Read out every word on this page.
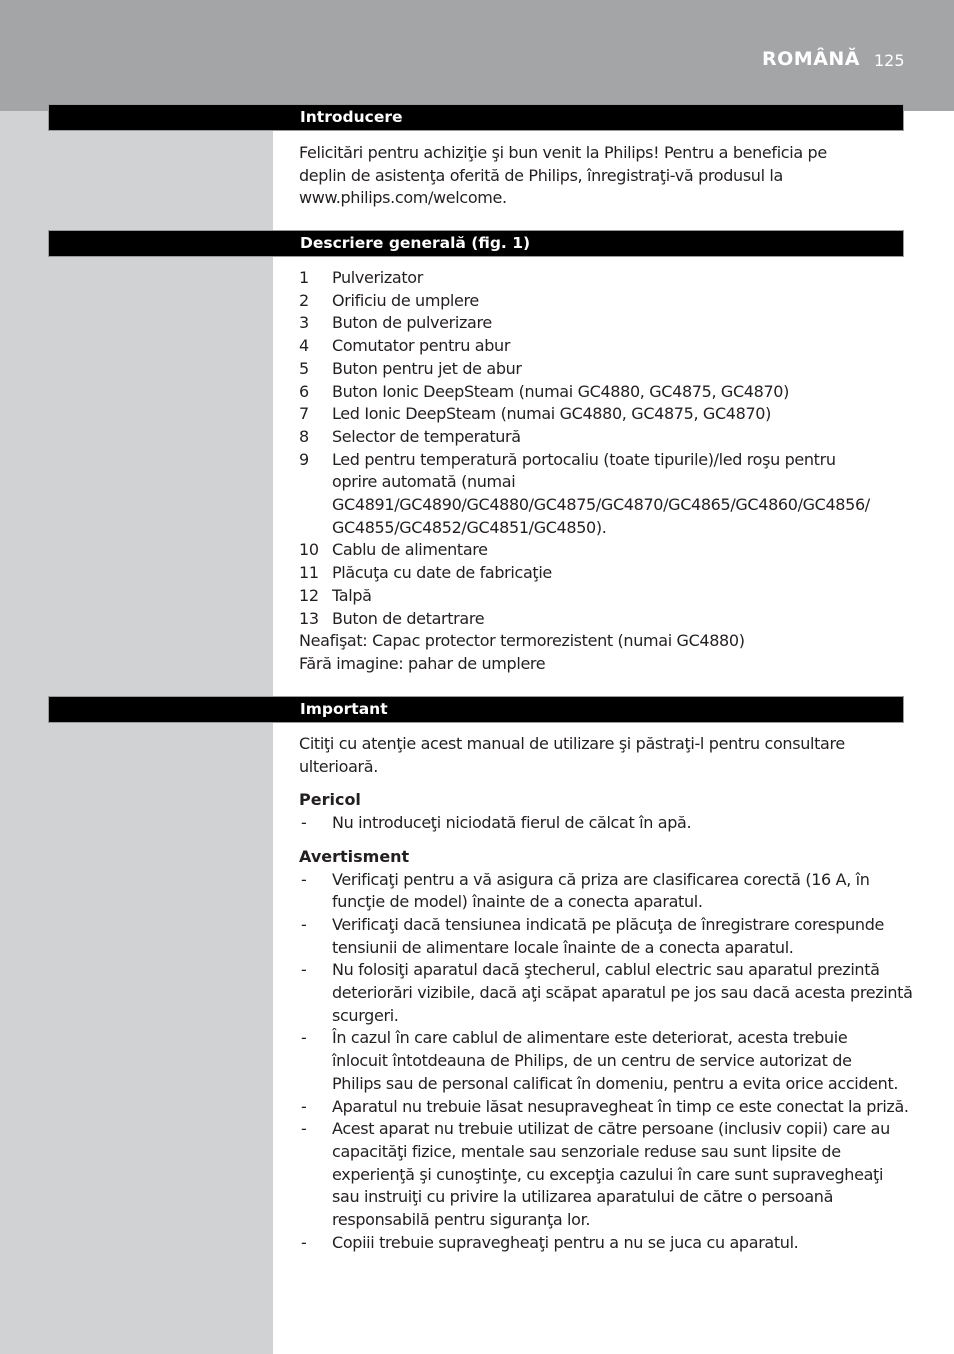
ROMÂNĂ 125
Introducere

Felicitări pentru achiziţie şi bun venit la Philips! Pentru a beneficia pe deplin de asistenţa oferită de Philips, înregistraţi-vă produsul la www.philips.com/welcome.

Descriere generală (fig. 1)
1 Pulverizator
2 Orificiu de umplere
3 Buton de pulverizare
4 Comutator pentru abur
5 Buton pentru jet de abur
6 Buton Ionic DeepSteam (numai GC4880, GC4875, GC4870)
7 Led Ionic DeepSteam (numai GC4880, GC4875, GC4870)
8 Selector de temperatură
9 Led pentru temperatură portocaliu (toate tipurile)/led roşu pentru oprire automată (numai GC4891/GC4890/GC4880/GC4875/GC4870/GC4865/GC4860/GC4856/GC4855/GC4852/GC4851/GC4850).
10 Cablu de alimentare
11 Plăcuţa cu date de fabricaţie
12 Talpă
13 Buton de detartrare

Neafişat: Capac protector termorezistent (numai GC4880)

Fără imagine: pahar de umplere

Important

Citiţi cu atenţie acest manual de utilizare şi păstraţi-l pentru consultare ulterioară.

Pericol

- Nu introduceţi niciodată fierul de călcat în apă.

Avertisment

- Verificaţi pentru a vă asigura că priza are clasificarea corectă (16 A, în funcţie de model) înainte de a conecta aparatul.
- Verificaţi dacă tensiunea indicată pe plăcuţa de înregistrare corespunde tensiunii de alimentare locale înainte de a conecta aparatul.
- Nu folosiţi aparatul dacă ştecherul, cablul electric sau aparatul prezintă deteriorări vizibile, dacă aţi scăpat aparatul pe jos sau dacă acesta prezintă scurgeri.
- În cazul în care cablul de alimentare este deteriorat, acesta trebuie înlocuit întotdeauna de Philips, de un centru de service autorizat de Philips sau de personal calificat în domeniu, pentru a evita orice accident.
- Aparatul nu trebuie lăsat nesupravegheat în timp ce este conectat la priză.
- Acest aparat nu trebuie utilizat de către persoane (inclusiv copii) care au capacităţi fizice, mentale sau senzoriale reduse sau sunt lipsite de experienţă şi cunoştinţe, cu excepţia cazului în care sunt supravegheaţi sau instruiţi cu privire la utilizarea aparatului de către o persoană responsabilă pentru siguranţa lor.
- Copiii trebuie supravegheaţi pentru a nu se juca cu aparatul.
